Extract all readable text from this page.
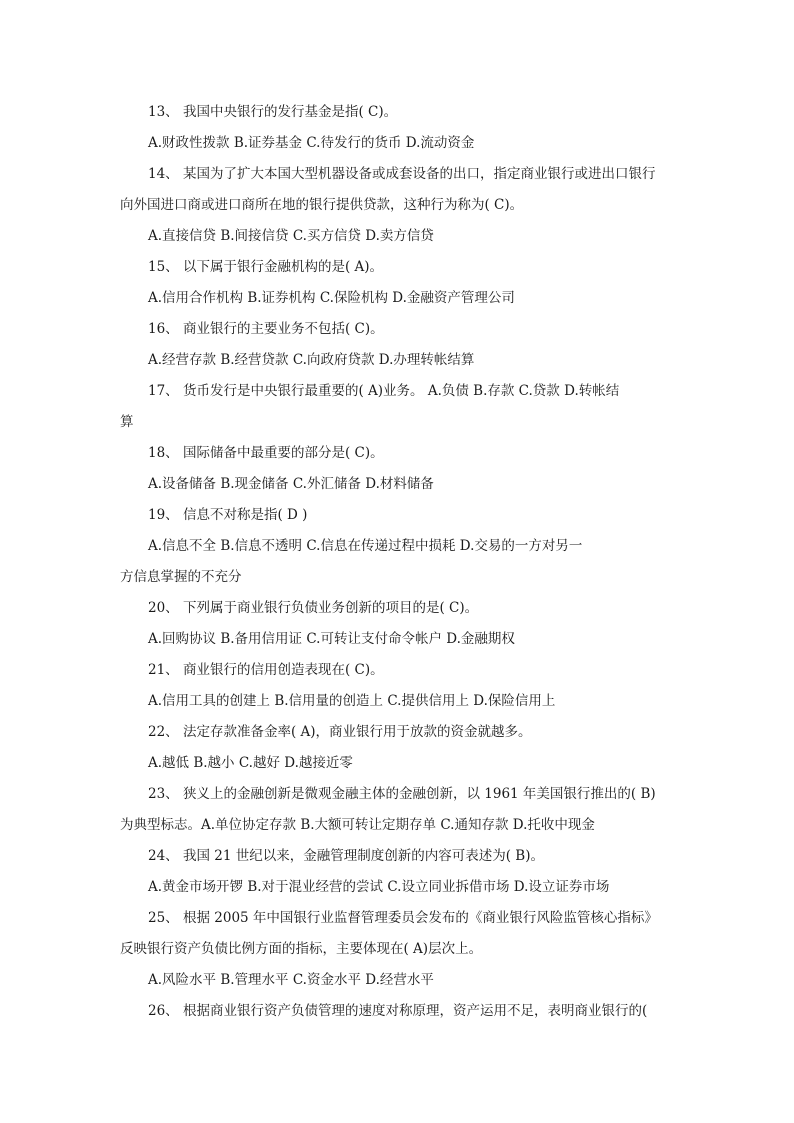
13、 我国中央银行的发行基金是指( C)。
A.财政性拨款 B.证券基金 C.待发行的货币 D.流动资金
14、 某国为了扩大本国大型机器设备或成套设备的出口，指定商业银行或进出口银行
向外国进口商或进口商所在地的银行提供贷款，这种行为称为( C)。
A.直接信贷 B.间接信贷 C.买方信贷 D.卖方信贷
15、 以下属于银行金融机构的是( A)。
A.信用合作机构 B.证券机构 C.保险机构 D.金融资产管理公司
16、 商业银行的主要业务不包括( C)。
A.经营存款 B.经营贷款 C.向政府贷款 D.办理转帐结算
17、 货币发行是中央银行最重要的( A)业务。 A.负债 B.存款 C.贷款 D.转帐结
算
18、 国际储备中最重要的部分是( C)。
A.设备储备 B.现金储备 C.外汇储备 D.材料储备
19、 信息不对称是指( D )
A.信息不全 B.信息不透明 C.信息在传递过程中损耗 D.交易的一方对另一
方信息掌握的不充分
20、 下列属于商业银行负债业务创新的项目的是( C)。
A.回购协议 B.备用信用证 C.可转让支付命令帐户 D.金融期权
21、 商业银行的信用创造表现在( C)。
A.信用工具的创建上 B.信用量的创造上 C.提供信用上 D.保险信用上
22、 法定存款准备金率( A)，商业银行用于放款的资金就越多。
A.越低 B.越小 C.越好 D.越接近零
23、 狭义上的金融创新是微观金融主体的金融创新，以 1961 年美国银行推出的( B)
为典型标志。A.单位协定存款 B.大额可转让定期存单 C.通知存款 D.托收中现金
24、 我国 21 世纪以来，金融管理制度创新的内容可表述为( B)。
A.黄金市场开锣 B.对于混业经营的尝试 C.设立同业拆借市场 D.设立证券市场
25、 根据 2005 年中国银行业监督管理委员会发布的《商业银行风险监管核心指标》
反映银行资产负债比例方面的指标，主要体现在( A)层次上。
A.风险水平 B.管理水平 C.资金水平 D.经营水平
26、 根据商业银行资产负债管理的速度对称原理，资产运用不足，表明商业银行的(
